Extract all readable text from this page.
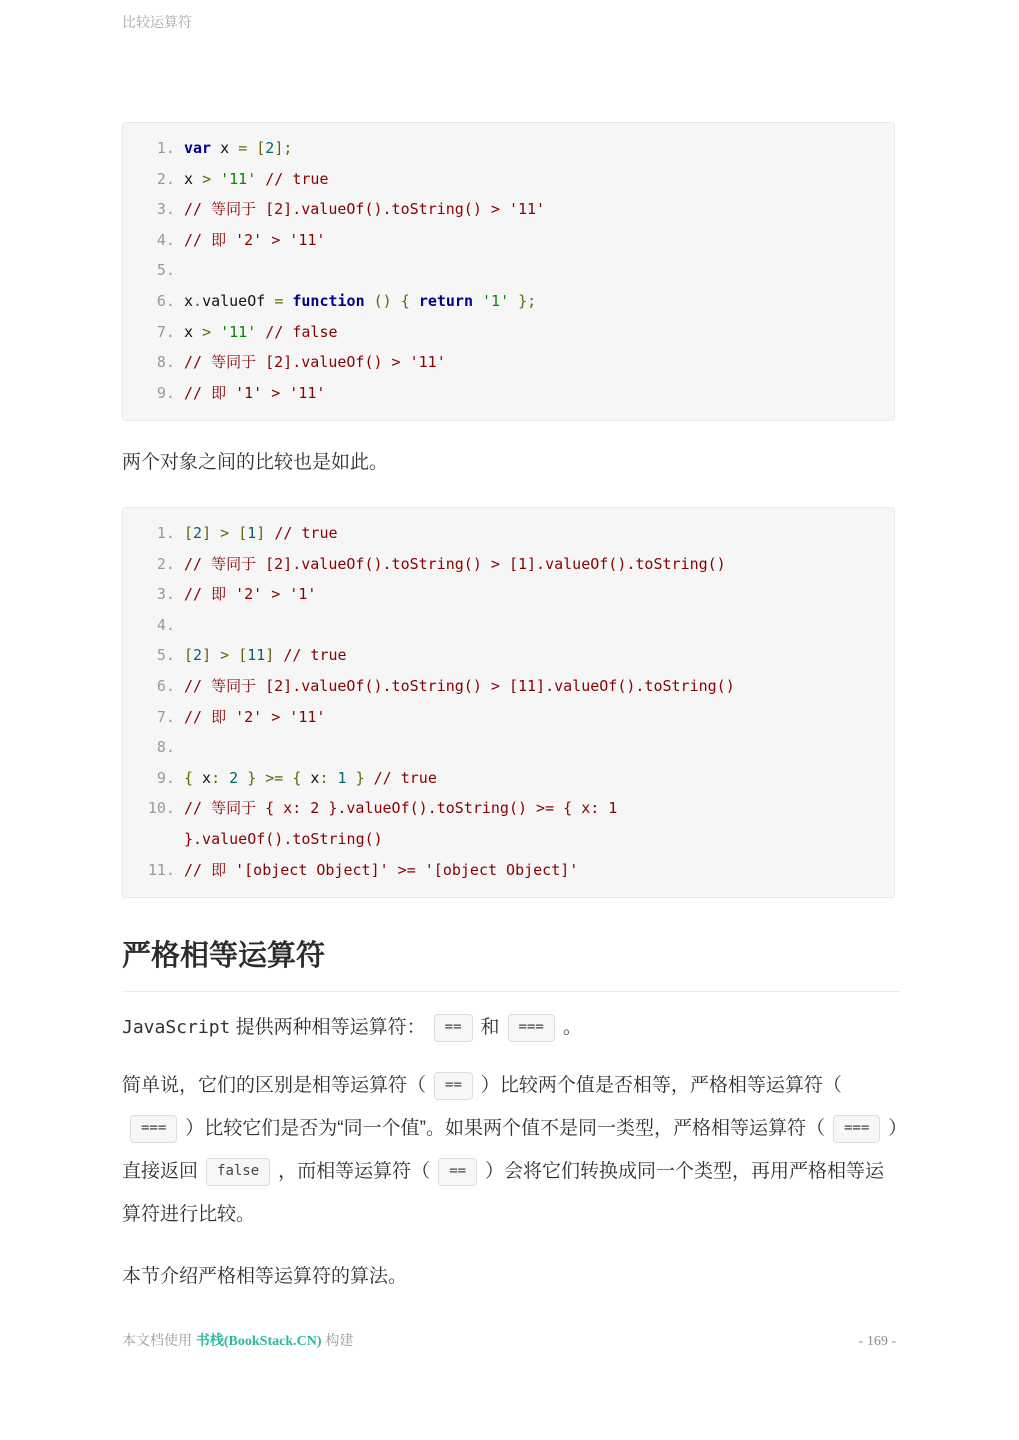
比较运算符
1. var x = [2];
2. x > '11' // true
3. // 等同于 [2].valueOf().toString() > '11'
4. // 即 '2' > '11'
5.
6. x.valueOf = function () { return '1' };
7. x > '11' // false
8. // 等同于 [2].valueOf() > '11'
9. // 即 '1' > '11'

两个对象之间的比较也是如此。

1. [2] > [1] // true
2. // 等同于 [2].valueOf().toString() > [1].valueOf().toString()
3. // 即 '2' > '1'
4.
5. [2] > [11] // true
6. // 等同于 [2].valueOf().toString() > [11].valueOf().toString()
7. // 即 '2' > '11'
8.
9. { x: 2 } >= { x: 1 } // true
10. // 等同于 { x: 2 }.valueOf().toString() >= { x: 1 }.valueOf().toString()
11. // 即 '[object Object]' >= '[object Object]'
严格相等运算符

JavaScript 提供两种相等运算符： == 和 === 。

简单说，它们的区别是相等运算符（ == ）比较两个值是否相等，严格相等运算符（=== ）比较它们是否为“同一个值”。如果两个值不是同一类型，严格相等运算符（ === ）直接返回 false ，而相等运算符（ == ）会将它们转换成同一个类型，再用严格相等运算符进行比较。

本节介绍严格相等运算符的算法。

本文档使用 书栈(BookStack.CN) 构建	- 169 -
